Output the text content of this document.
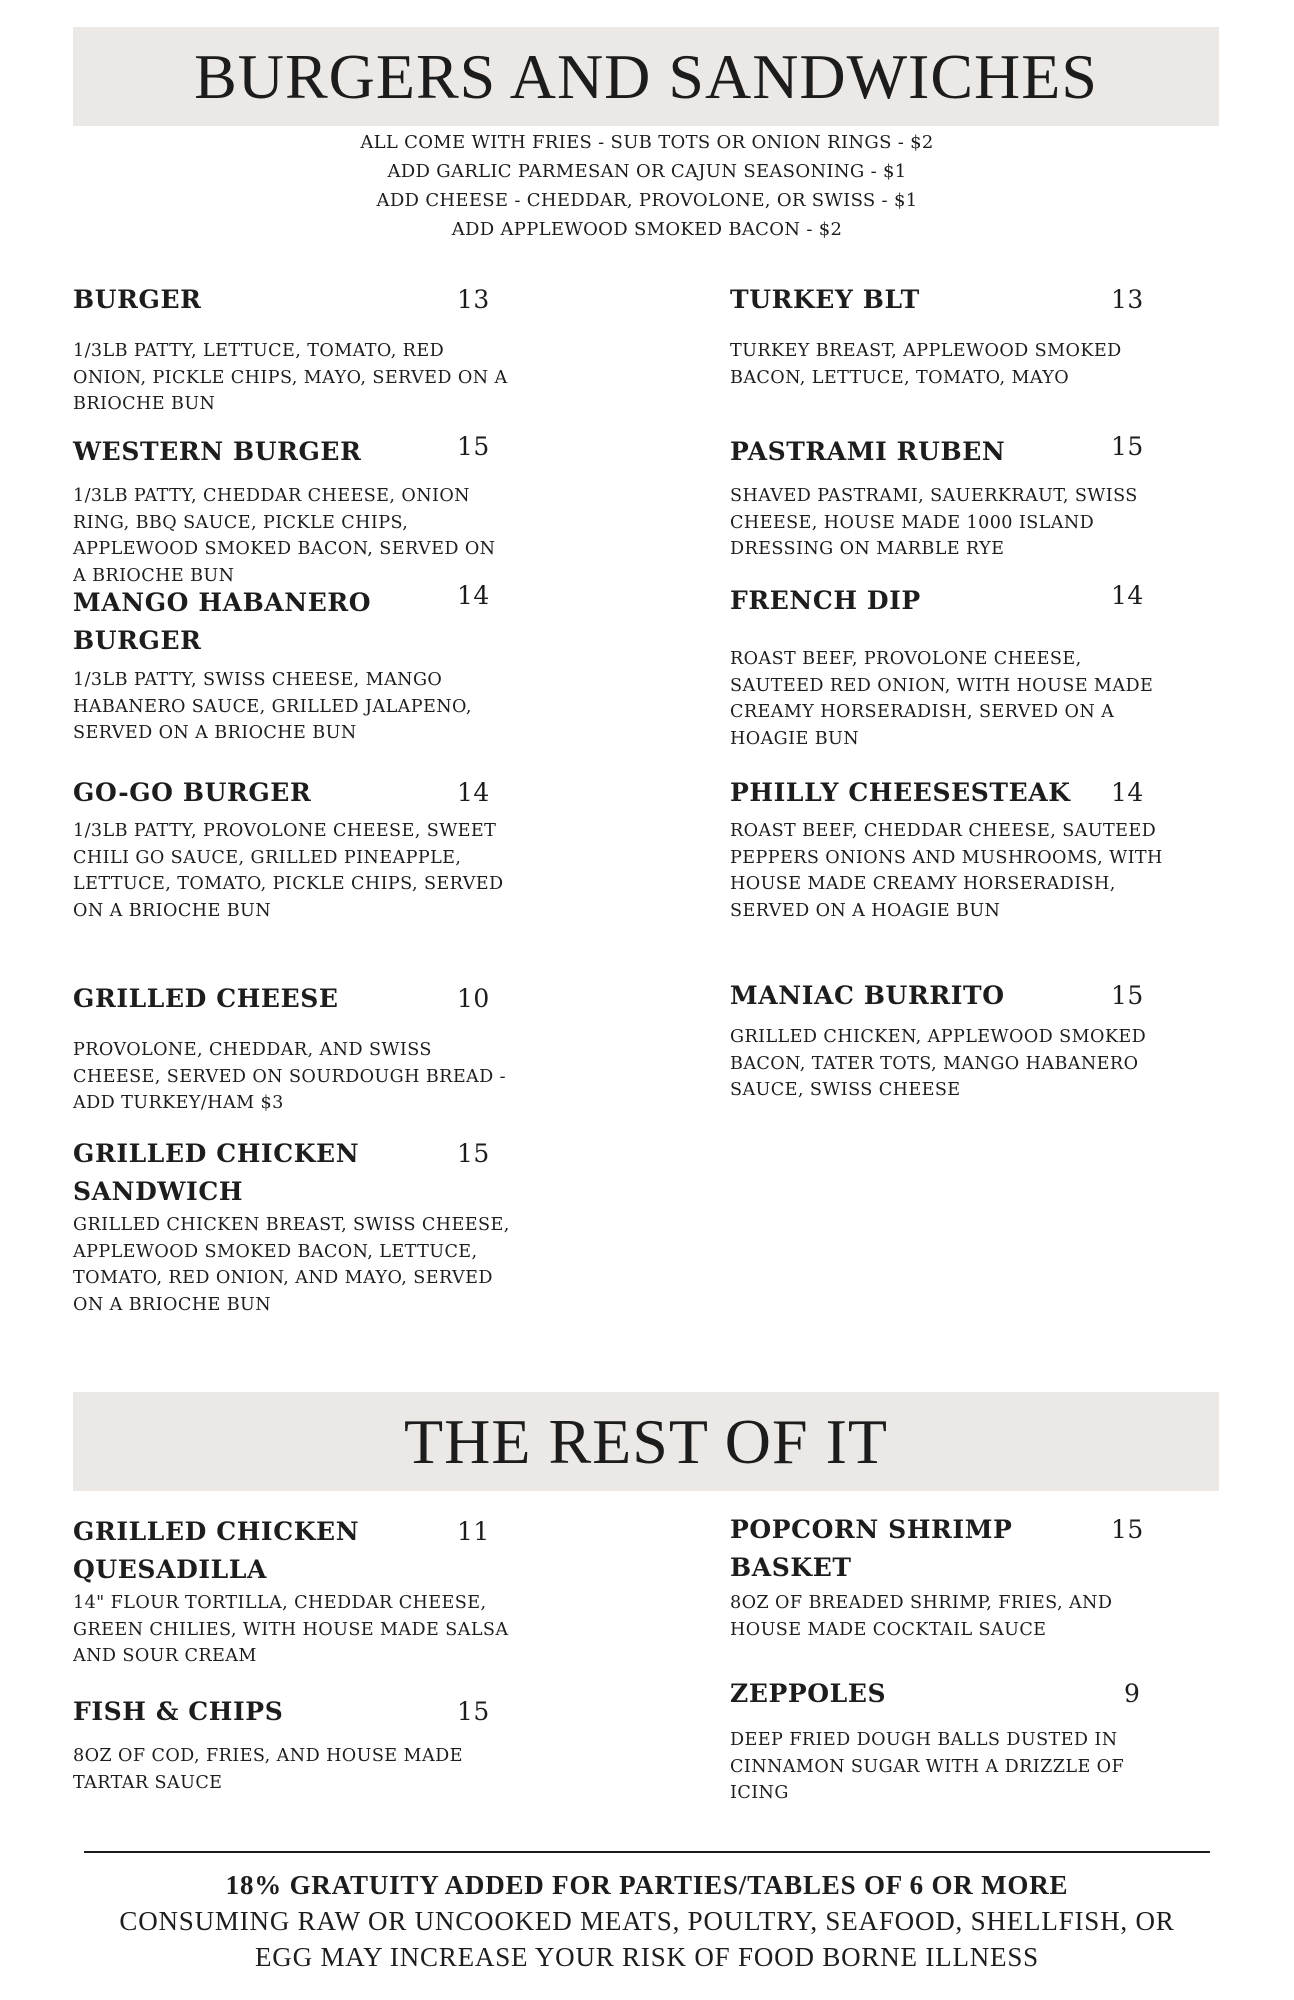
BURGERS AND SANDWICHES
ALL COME WITH FRIES - SUB TOTS OR ONION RINGS - $2
ADD GARLIC PARMESAN OR CAJUN SEASONING - $1
ADD CHEESE - CHEDDAR, PROVOLONE, OR SWISS - $1
ADD APPLEWOOD SMOKED BACON - $2
BURGER	13
1/3LB PATTY, LETTUCE, TOMATO, RED ONION, PICKLE CHIPS, MAYO, SERVED ON A BRIOCHE BUN
WESTERN BURGER	15
1/3LB PATTY, CHEDDAR CHEESE, ONION RING, BBQ SAUCE, PICKLE CHIPS, APPLEWOOD SMOKED BACON, SERVED ON A BRIOCHE BUN
MANGO HABANERO BURGER
14
1/3LB PATTY, SWISS CHEESE, MANGO HABANERO SAUCE, GRILLED JALAPENO, SERVED ON A BRIOCHE BUN
GO-GO BURGER	14
1/3LB PATTY, PROVOLONE CHEESE, SWEET CHILI GO SAUCE, GRILLED PINEAPPLE, LETTUCE, TOMATO, PICKLE CHIPS, SERVED ON A BRIOCHE BUN
GRILLED CHEESE	10
PROVOLONE, CHEDDAR, AND SWISS CHEESE, SERVED ON SOURDOUGH BREAD - ADD TURKEY/HAM $3
GRILLED CHICKEN SANDWICH
15
GRILLED CHICKEN BREAST, SWISS CHEESE, APPLEWOOD SMOKED BACON, LETTUCE, TOMATO, RED ONION, AND MAYO, SERVED ON A BRIOCHE BUN
TURKEY BLT	13
TURKEY BREAST, APPLEWOOD SMOKED BACON, LETTUCE, TOMATO, MAYO
PASTRAMI RUBEN	15
SHAVED PASTRAMI, SAUERKRAUT, SWISS CHEESE, HOUSE MADE 1000 ISLAND DRESSING ON MARBLE RYE
FRENCH DIP	14
ROAST BEEF, PROVOLONE CHEESE, SAUTEED RED ONION, WITH HOUSE MADE CREAMY HORSERADISH, SERVED ON A HOAGIE BUN
PHILLY CHEESESTEAK	14
ROAST BEEF, CHEDDAR CHEESE, SAUTEED PEPPERS ONIONS AND MUSHROOMS, WITH HOUSE MADE CREAMY HORSERADISH, SERVED ON A HOAGIE BUN
MANIAC BURRITO	15
GRILLED CHICKEN, APPLEWOOD SMOKED BACON, TATER TOTS, MANGO HABANERO SAUCE, SWISS CHEESE
THE REST OF IT
GRILLED CHICKEN QUESADILLA
11
14" FLOUR TORTILLA, CHEDDAR CHEESE, GREEN CHILIES, WITH HOUSE MADE SALSA AND SOUR CREAM
FISH & CHIPS	15
8OZ OF COD, FRIES, AND HOUSE MADE TARTAR SAUCE
POPCORN SHRIMP BASKET
15
8OZ OF BREADED SHRIMP, FRIES, AND HOUSE MADE COCKTAIL SAUCE
ZEPPOLES	9
DEEP FRIED DOUGH BALLS DUSTED IN CINNAMON SUGAR WITH A DRIZZLE OF ICING
18% GRATUITY ADDED FOR PARTIES/TABLES OF 6 OR MORE
CONSUMING RAW OR UNCOOKED MEATS, POULTRY, SEAFOOD, SHELLFISH, OR EGG MAY INCREASE YOUR RISK OF FOOD BORNE ILLNESS
